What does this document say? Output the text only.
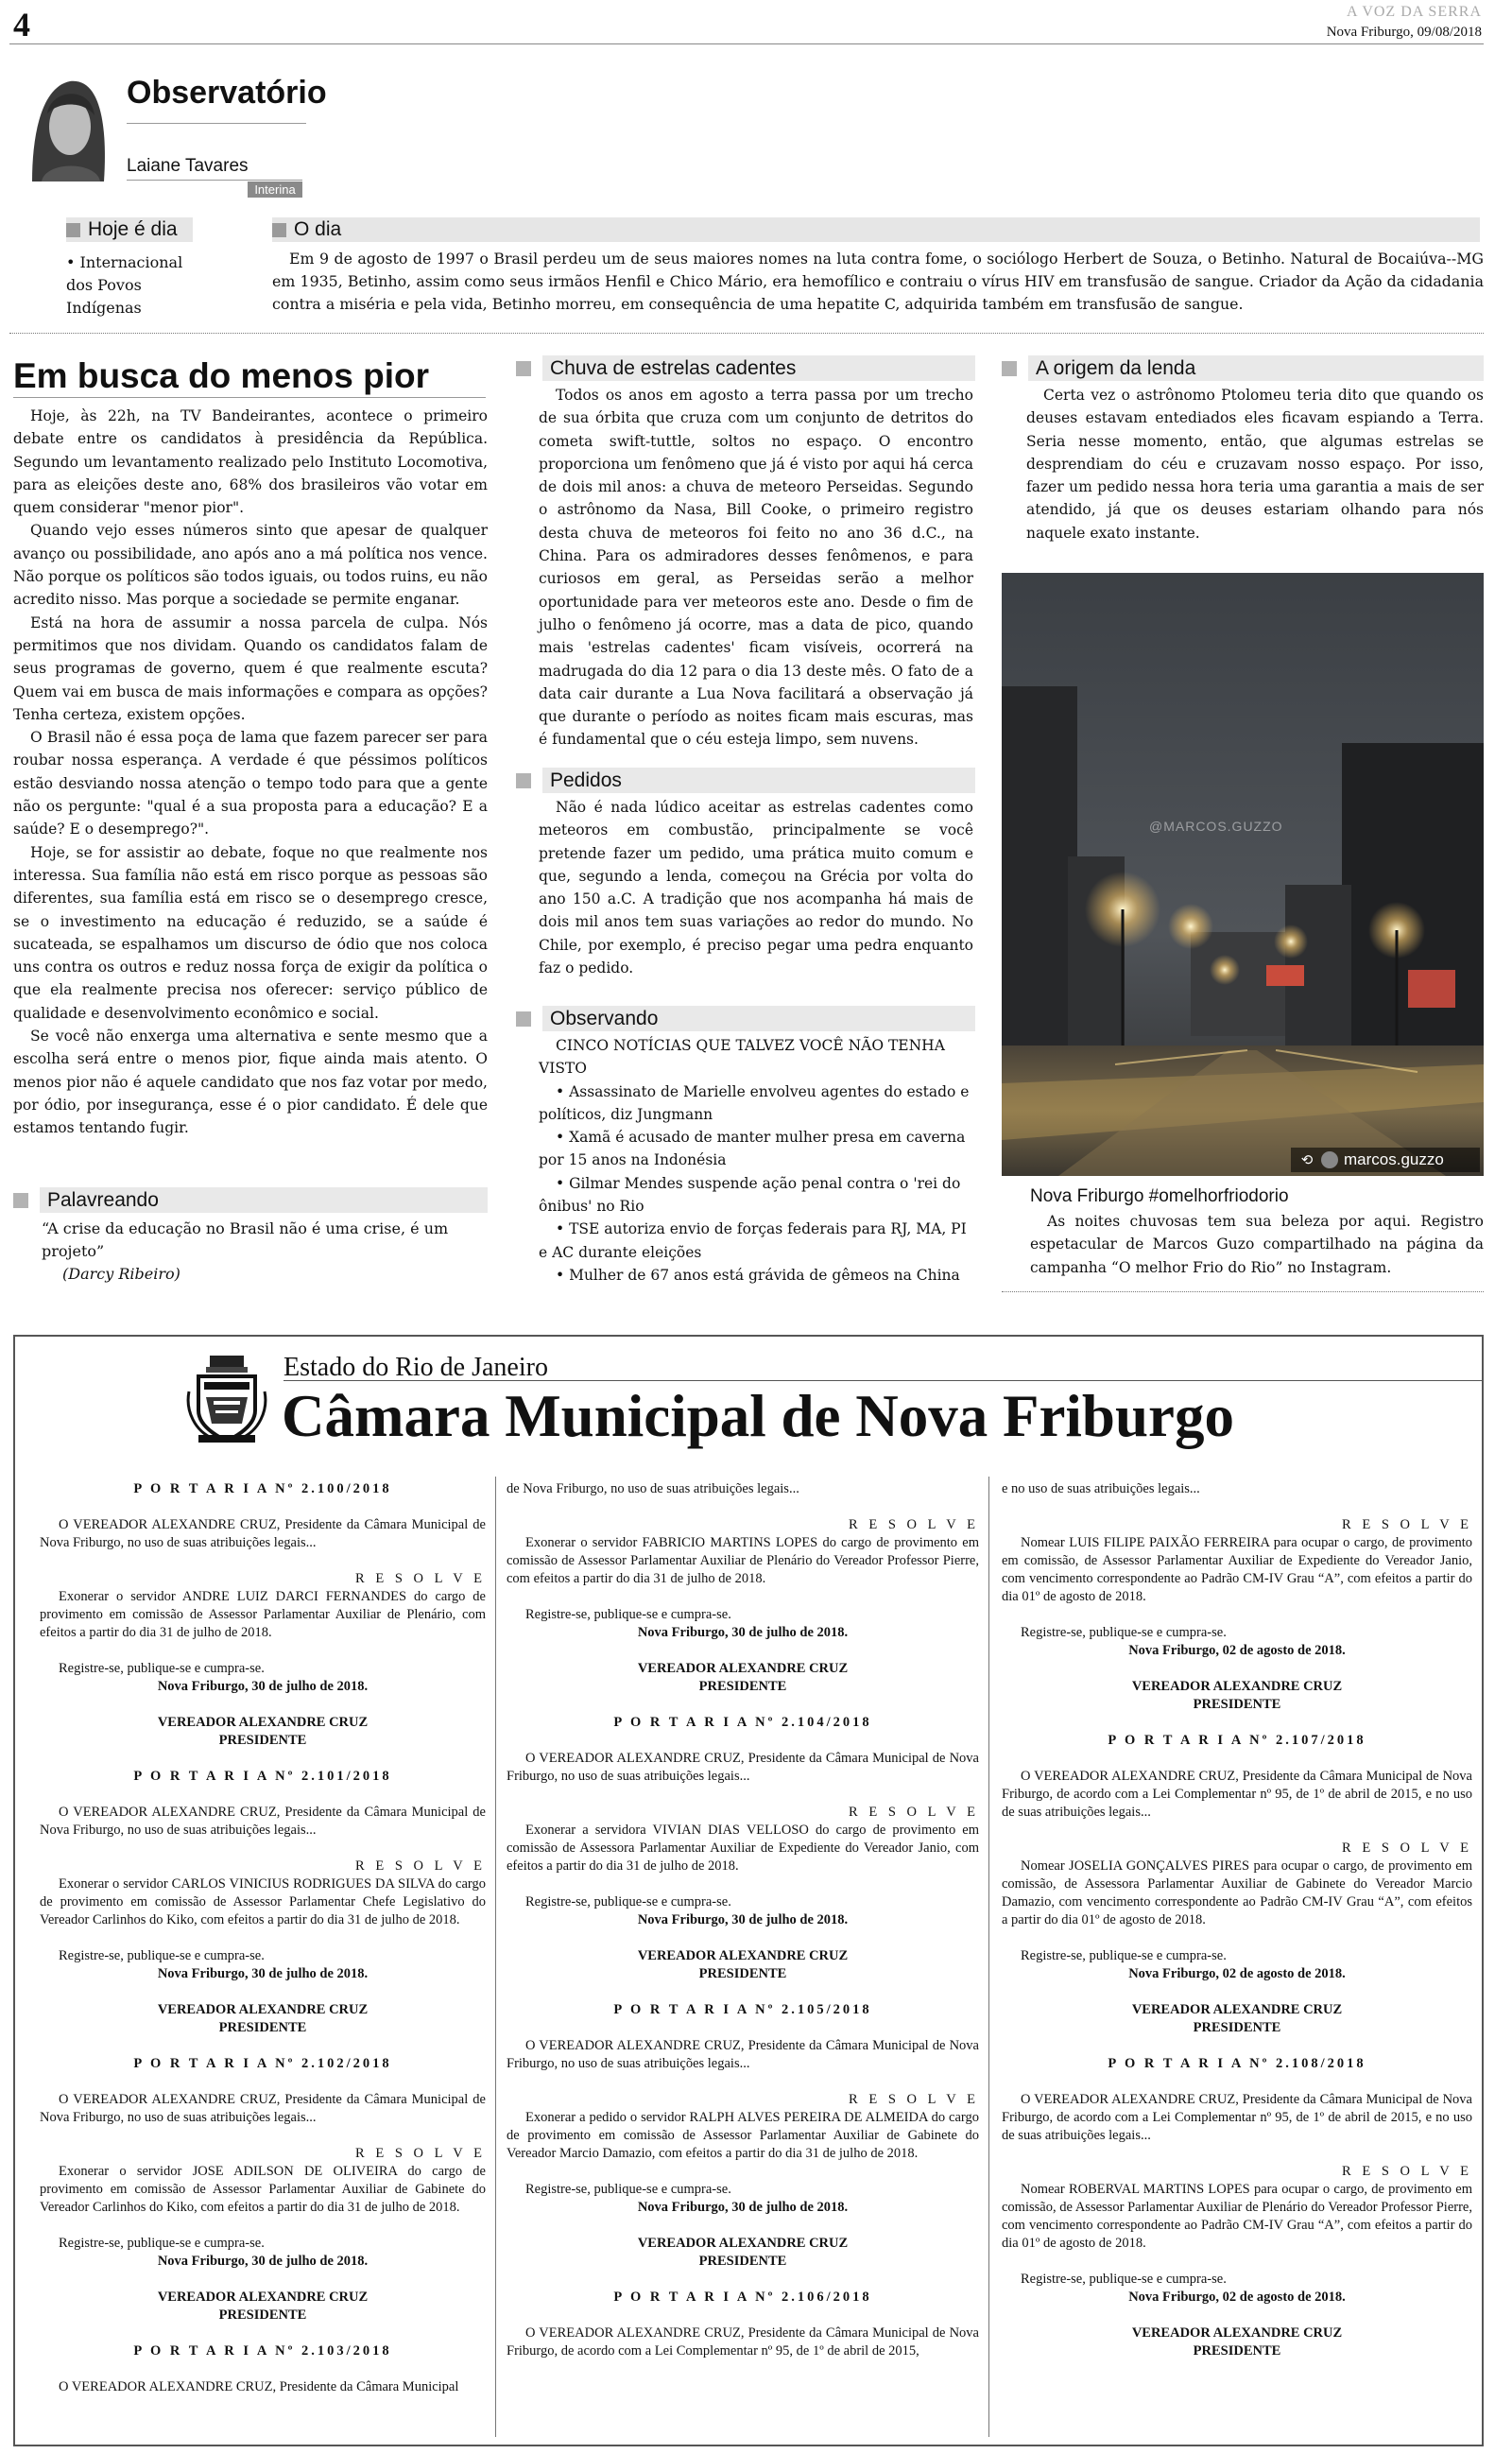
4	A VOZ DA SERRA
Nova Friburgo, 09/08/2018
Observatório
Laiane Tavares
Interina
Hoje é dia
• Internacional dos Povos Indígenas
O dia

Em 9 de agosto de 1997 o Brasil perdeu um de seus maiores nomes na luta contra fome, o sociólogo Herbert de Souza, o Betinho. Natural de Bocaiúva--MG em 1935, Betinho, assim como seus irmãos Henfil e Chico Mário, era hemofílico e contraiu o vírus HIV em transfusão de sangue. Criador da Ação da cidadania contra a miséria e pela vida, Betinho morreu, em consequência de uma hepatite C, adquirida também em transfusão de sangue.

Em busca do menos pior

Hoje, às 22h, na TV Bandeirantes, acontece o primeiro debate entre os candidatos à presidência da República. Segundo um levantamento realizado pelo Instituto Locomotiva, para as eleições deste ano, 68% dos brasileiros vão votar em quem considerar "menor pior".

Quando vejo esses números sinto que apesar de qualquer avanço ou possibilidade, ano após ano a má política nos vence. Não porque os políticos são todos iguais, ou todos ruins, eu não acredito nisso. Mas porque a sociedade se permite enganar.

Está na hora de assumir a nossa parcela de culpa. Nós permitimos que nos dividam. Quando os candidatos falam de seus programas de governo, quem é que realmente escuta? Quem vai em busca de mais informações e compara as opções? Tenha certeza, existem opções.

O Brasil não é essa poça de lama que fazem parecer ser para roubar nossa esperança. A verdade é que péssimos políticos estão desviando nossa atenção o tempo todo para que a gente não os pergunte: "qual é a sua proposta para a educação? E a saúde? E o desemprego?".

Hoje, se for assistir ao debate, foque no que realmente nos interessa. Sua família não está em risco porque as pessoas são diferentes, sua família está em risco se o desemprego cresce, se o investimento na educação é reduzido, se a saúde é sucateada, se espalhamos um discurso de ódio que nos coloca uns contra os outros e reduz nossa força de exigir da política o que ela realmente precisa nos oferecer: serviço público de qualidade e desenvolvimento econômico e social.

Se você não enxerga uma alternativa e sente mesmo que a escolha será entre o menos pior, fique ainda mais atento. O menos pior não é aquele candidato que nos faz votar por medo, por ódio, por insegurança, esse é o pior candidato. É dele que estamos tentando fugir.

Palavreando
“A crise da educação no Brasil não é uma crise, é um projeto”
(Darcy Ribeiro)
Chuva de estrelas cadentes

Todos os anos em agosto a terra passa por um trecho de sua órbita que cruza com um conjunto de detritos do cometa swift-tuttle, soltos no espaço. O encontro proporciona um fenômeno que já é visto por aqui há cerca de dois mil anos: a chuva de meteoro Perseidas. Segundo o astrônomo da Nasa, Bill Cooke, o primeiro registro desta chuva de meteoros foi feito no ano 36 d.C., na China. Para os admiradores desses fenômenos, e para curiosos em geral, as Perseidas serão a melhor oportunidade para ver meteoros este ano. Desde o fim de julho o fenômeno já ocorre, mas a data de pico, quando mais 'estrelas cadentes' ficam visíveis, ocorrerá na madrugada do dia 12 para o dia 13 deste mês. O fato de a data cair durante a Lua Nova facilitará a observação já que durante o período as noites ficam mais escuras, mas é fundamental que o céu esteja limpo, sem nuvens.

Pedidos

Não é nada lúdico aceitar as estrelas cadentes como meteoros em combustão, principalmente se você pretende fazer um pedido, uma prática muito comum e que, segundo a lenda, começou na Grécia por volta do ano 150 a.C. A tradição que nos acompanha há mais de dois mil anos tem suas variações ao redor do mundo. No Chile, por exemplo, é preciso pegar uma pedra enquanto faz o pedido.

Observando

CINCO NOTÍCIAS QUE TALVEZ VOCÊ NÃO TENHA VISTO

• Assassinato de Marielle envolveu agentes do estado e políticos, diz Jungmann

• Xamã é acusado de manter mulher presa em caverna por 15 anos na Indonésia

• Gilmar Mendes suspende ação penal contra o 'rei do ônibus' no Rio

• TSE autoriza envio de forças federais para RJ, MA, PI e AC durante eleições

• Mulher de 67 anos está grávida de gêmeos na China

A origem da lenda

Certa vez o astrônomo Ptolomeu teria dito que quando os deuses estavam entediados eles ficavam espiando a Terra. Seria nesse momento, então, que algumas estrelas se desprendiam do céu e cruzavam nosso espaço. Por isso, fazer um pedido nessa hora teria uma garantia a mais de ser atendido, já que os deuses estariam olhando para nós naquele exato instante.

@MARCOS.GUZZO
⟲ marcos.guzzo
Nova Friburgo #omelhorfriodorio

As noites chuvosas tem sua beleza por aqui. Registro espetacular de Marcos Guzo compartilhado na página da campanha “O melhor Frio do Rio” no Instagram.

Estado do Rio de Janeiro
Câmara Municipal de Nova Friburgo

P O R T A R I A Nº 2.100/2018

O VEREADOR ALEXANDRE CRUZ, Presidente da Câmara Municipal de Nova Friburgo, no uso de suas atribuições legais...

R E S O L V E

Exonerar o servidor ANDRE LUIZ DARCI FERNANDES do cargo de provimento em comissão de Assessor Parlamentar Auxiliar de Plenário, com efeitos a partir do dia 31 de julho de 2018.

Registre-se, publique-se e cumpra-se.

Nova Friburgo, 30 de julho de 2018.

VEREADOR ALEXANDRE CRUZ

PRESIDENTE

P O R T A R I A Nº 2.101/2018

O VEREADOR ALEXANDRE CRUZ, Presidente da Câmara Municipal de Nova Friburgo, no uso de suas atribuições legais...

R E S O L V E

Exonerar o servidor CARLOS VINICIUS RODRIGUES DA SILVA do cargo de provimento em comissão de Assessor Parlamentar Chefe Legislativo do Vereador Carlinhos do Kiko, com efeitos a partir do dia 31 de julho de 2018.

Registre-se, publique-se e cumpra-se.

Nova Friburgo, 30 de julho de 2018.

VEREADOR ALEXANDRE CRUZ

PRESIDENTE

P O R T A R I A Nº 2.102/2018

O VEREADOR ALEXANDRE CRUZ, Presidente da Câmara Municipal de Nova Friburgo, no uso de suas atribuições legais...

R E S O L V E

Exonerar o servidor JOSE ADILSON DE OLIVEIRA do cargo de provimento em comissão de Assessor Parlamentar Auxiliar de Gabinete do Vereador Carlinhos do Kiko, com efeitos a partir do dia 31 de julho de 2018.

Registre-se, publique-se e cumpra-se.

Nova Friburgo, 30 de julho de 2018.

VEREADOR ALEXANDRE CRUZ

PRESIDENTE

P O R T A R I A Nº 2.103/2018

O VEREADOR ALEXANDRE CRUZ, Presidente da Câmara Municipal

de Nova Friburgo, no uso de suas atribuições legais...

R E S O L V E

Exonerar o servidor FABRICIO MARTINS LOPES do cargo de provimento em comissão de Assessor Parlamentar Auxiliar de Plenário do Vereador Professor Pierre, com efeitos a partir do dia 31 de julho de 2018.

Registre-se, publique-se e cumpra-se.

Nova Friburgo, 30 de julho de 2018.

VEREADOR ALEXANDRE CRUZ

PRESIDENTE

P O R T A R I A Nº 2.104/2018

O VEREADOR ALEXANDRE CRUZ, Presidente da Câmara Municipal de Nova Friburgo, no uso de suas atribuições legais...

R E S O L V E

Exonerar a servidora VIVIAN DIAS VELLOSO do cargo de provimento em comissão de Assessora Parlamentar Auxiliar de Expediente do Vereador Janio, com efeitos a partir do dia 31 de julho de 2018.

Registre-se, publique-se e cumpra-se.

Nova Friburgo, 30 de julho de 2018.

VEREADOR ALEXANDRE CRUZ

PRESIDENTE

P O R T A R I A Nº 2.105/2018

O VEREADOR ALEXANDRE CRUZ, Presidente da Câmara Municipal de Nova Friburgo, no uso de suas atribuições legais...

R E S O L V E

Exonerar a pedido o servidor RALPH ALVES PEREIRA DE ALMEIDA do cargo de provimento em comissão de Assessor Parlamentar Auxiliar de Gabinete do Vereador Marcio Damazio, com efeitos a partir do dia 31 de julho de 2018.

Registre-se, publique-se e cumpra-se.

Nova Friburgo, 30 de julho de 2018.

VEREADOR ALEXANDRE CRUZ

PRESIDENTE

P O R T A R I A Nº 2.106/2018

O VEREADOR ALEXANDRE CRUZ, Presidente da Câmara Municipal de Nova Friburgo, de acordo com a Lei Complementar nº 95, de 1º de abril de 2015,

e no uso de suas atribuições legais...

R E S O L V E

Nomear LUIS FILIPE PAIXÃO FERREIRA para ocupar o cargo, de provimento em comissão, de Assessor Parlamentar Auxiliar de Expediente do Vereador Janio, com vencimento correspondente ao Padrão CM-IV Grau “A”, com efeitos a partir do dia 01º de agosto de 2018.

Registre-se, publique-se e cumpra-se.

Nova Friburgo, 02 de agosto de 2018.

VEREADOR ALEXANDRE CRUZ

PRESIDENTE

P O R T A R I A Nº 2.107/2018

O VEREADOR ALEXANDRE CRUZ, Presidente da Câmara Municipal de Nova Friburgo, de acordo com a Lei Complementar nº 95, de 1º de abril de 2015, e no uso de suas atribuições legais...

R E S O L V E

Nomear JOSELIA GONÇALVES PIRES para ocupar o cargo, de provimento em comissão, de Assessora Parlamentar Auxiliar de Gabinete do Vereador Marcio Damazio, com vencimento correspondente ao Padrão CM-IV Grau “A”, com efeitos a partir do dia 01º de agosto de 2018.

Registre-se, publique-se e cumpra-se.

Nova Friburgo, 02 de agosto de 2018.

VEREADOR ALEXANDRE CRUZ

PRESIDENTE

P O R T A R I A Nº 2.108/2018

O VEREADOR ALEXANDRE CRUZ, Presidente da Câmara Municipal de Nova Friburgo, de acordo com a Lei Complementar nº 95, de 1º de abril de 2015, e no uso de suas atribuições legais...

R E S O L V E

Nomear ROBERVAL MARTINS LOPES para ocupar o cargo, de provimento em comissão, de Assessor Parlamentar Auxiliar de Plenário do Vereador Professor Pierre, com vencimento correspondente ao Padrão CM-IV Grau “A”, com efeitos a partir do dia 01º de agosto de 2018.

Registre-se, publique-se e cumpra-se.

Nova Friburgo, 02 de agosto de 2018.

VEREADOR ALEXANDRE CRUZ

PRESIDENTE
